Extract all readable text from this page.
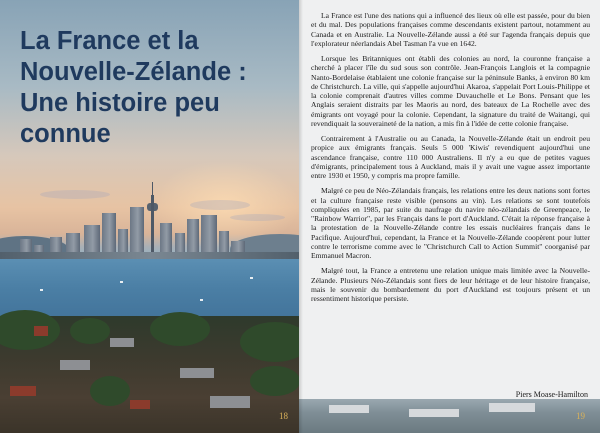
La France et la Nouvelle-Zélande : Une histoire peu connue
18

La France est l'une des nations qui a influencé des lieux où elle est passée, pour du bien et du mal. Des populations françaises comme descendants existent partout, notamment au Canada et en Australie. La Nouvelle-Zélande aussi a été sur l'agenda français depuis que l'explorateur néerlandais Abel Tasman l'a vue en 1642.

Lorsque les Britanniques ont établi des colonies au nord, la couronne française a cherché à placer l'île du sud sous son contrôle. Jean-François Langlois et la compagnie Nanto-Bordelaise établaient une colonie française sur la péninsule Banks, à environ 80 km de Christchurch. La ville, qui s'appelle aujourd'hui Akaroa, s'appelait Port Louis-Philippe et la colonie comprenait d'autres villes comme Duvauchelle et Le Bons. Pensant que les Anglais seraient distraits par les Maoris au nord, des bateaux de La Rochelle avec des émigrants ont voyagé pour la colonie. Cependant, la signature du traité de Waitangi, qui revendiquait la souveraineté de la nation, a mis fin à l'idée de cette colonie française.

Contrairement à l'Australie ou au Canada, la Nouvelle-Zélande était un endroit peu propice aux émigrants français. Seuls 5 000 'Kiwis' revendiquent aujourd'hui une ascendance française, contre 110 000 Australiens. Il n'y a eu que de petites vagues d'émigrants, principalement tous à Auckland, mais il y avait une vague assez importante entre 1930 et 1950, y compris ma propre famille.

Malgré ce peu de Néo-Zélandais français, les relations entre les deux nations sont fortes et la culture française reste visible (pensons au vin). Les relations se sont toutefois compliquées en 1985, par suite du naufrage du navire néo-zélandais de Greenpeace, le "Rainbow Warrior", par les Français dans le port d'Auckland. C'était la réponse française à la protestation de la Nouvelle-Zélande contre les essais nucléaires français dans le Pacifique. Aujourd'hui, cependant, la France et la Nouvelle-Zélande coopèrent pour lutter contre le terrorisme comme avec le "Christchurch Call to Action Summit" coorganisé par Emmanuel Macron.

Malgré tout, la France a entretenu une relation unique mais limitée avec la Nouvelle-Zélande. Plusieurs Néo-Zélandais sont fiers de leur héritage et de leur histoire française, mais le souvenir du bombardement du port d'Auckland est toujours présent et un ressentiment historique persiste.

Piers Moase-Hamilton
19
